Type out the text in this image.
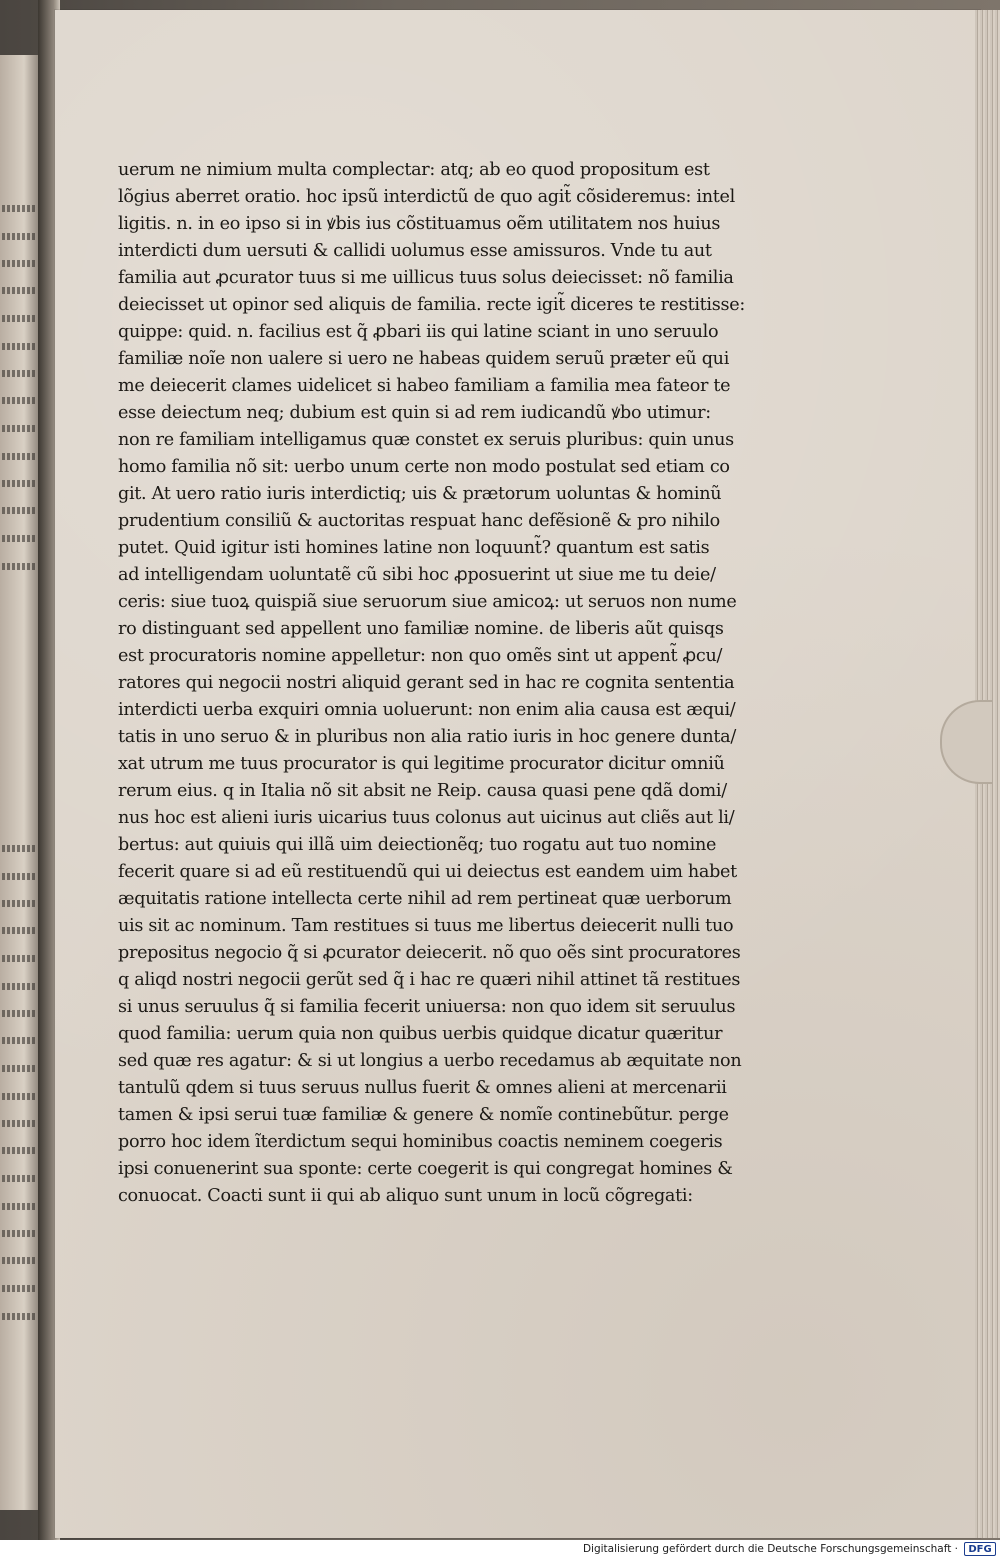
uerum ne nimium multa complectar: atq; ab eo quod propositum est
lõgius aberret oratio. hoc ipsũ interdictũ de quo agit̃ cõsideremus: intel
ligitis. n. in eo ipso si in ꝟbis ius cõstituamus oẽm utilitatem nos huius
interdicti dum uersuti & callidi uolumus esse amissuros. Vnde tu aut
familia aut ꝓcurator tuus si me uillicus tuus solus deiecisset: nõ familia
deiecisset ut opinor sed aliquis de familia. recte igit̃ diceres te restitisse:
quippe: quid. n. facilius est q̃ ꝓbari iis qui latine sciant in uno seruulo
familiæ noĩe non ualere si uero ne habeas quidem seruũ præter eũ qui
me deiecerit clames uidelicet si habeo familiam a familia mea fateor te
esse deiectum neq; dubium est quin si ad rem iudicandũ ꝟbo utimur:
non re familiam intelligamus quæ constet ex seruis pluribus: quin unus
homo familia nõ sit: uerbo unum certe non modo postulat sed etiam co
git. At uero ratio iuris interdictiq; uis & prætorum uoluntas & hominũ
prudentium consiliũ & auctoritas respuat hanc defẽsionẽ & pro nihilo
putet. Quid igitur isti homines latine non loquunt̃? quantum est satis
ad intelligendam uoluntatẽ cũ sibi hoc ꝓposuerint ut siue me tu deie/
ceris: siue tuoꝝ quispiã siue seruorum siue amicoꝝ: ut seruos non nume
ro distinguant sed appellent uno familiæ nomine. de liberis aũt quisqs
est procuratoris nomine appelletur: non quo omẽs sint ut appent̃ ꝓcu/
ratores qui negocii nostri aliquid gerant sed in hac re cognita sententia
interdicti uerba exquiri omnia uoluerunt: non enim alia causa est æqui/
tatis in uno seruo & in pluribus non alia ratio iuris in hoc genere dunta/
xat utrum me tuus procurator is qui legitime procurator dicitur omniũ
rerum eius. q in Italia nõ sit absit ne Reip. causa quasi pene qdã domi/
nus hoc est alieni iuris uicarius tuus colonus aut uicinus aut cliẽs aut li/
bertus: aut quiuis qui illã uim deiectionẽq; tuo rogatu aut tuo nomine
fecerit quare si ad eũ restituendũ qui ui deiectus est eandem uim habet
æquitatis ratione intellecta certe nihil ad rem pertineat quæ uerborum
uis sit ac nominum. Tam restitues si tuus me libertus deiecerit nulli tuo
prepositus negocio q̃ si ꝓcurator deiecerit. nõ quo oẽs sint procuratores
q aliqd nostri negocii gerũt sed q̃ i hac re quæri nihil attinet tã restitues
si unus seruulus q̃ si familia fecerit uniuersa: non quo idem sit seruulus
quod familia: uerum quia non quibus uerbis quidque dicatur quæritur
sed quæ res agatur: & si ut longius a uerbo recedamus ab æquitate non
tantulũ qdem si tuus seruus nullus fuerit & omnes alieni at mercenarii
tamen & ipsi serui tuæ familiæ & genere & nomĩe continebũtur. perge
porro hoc idem ĩterdictum sequi hominibus coactis neminem coegeris
ipsi conuenerint sua sponte: certe coegerit is qui congregat homines &
conuocat. Coacti sunt ii qui ab aliquo sunt unum in locũ cõgregati:
Digitalisierung gefördert durch die Deutsche Forschungsgemeinschaft ·	DFG
